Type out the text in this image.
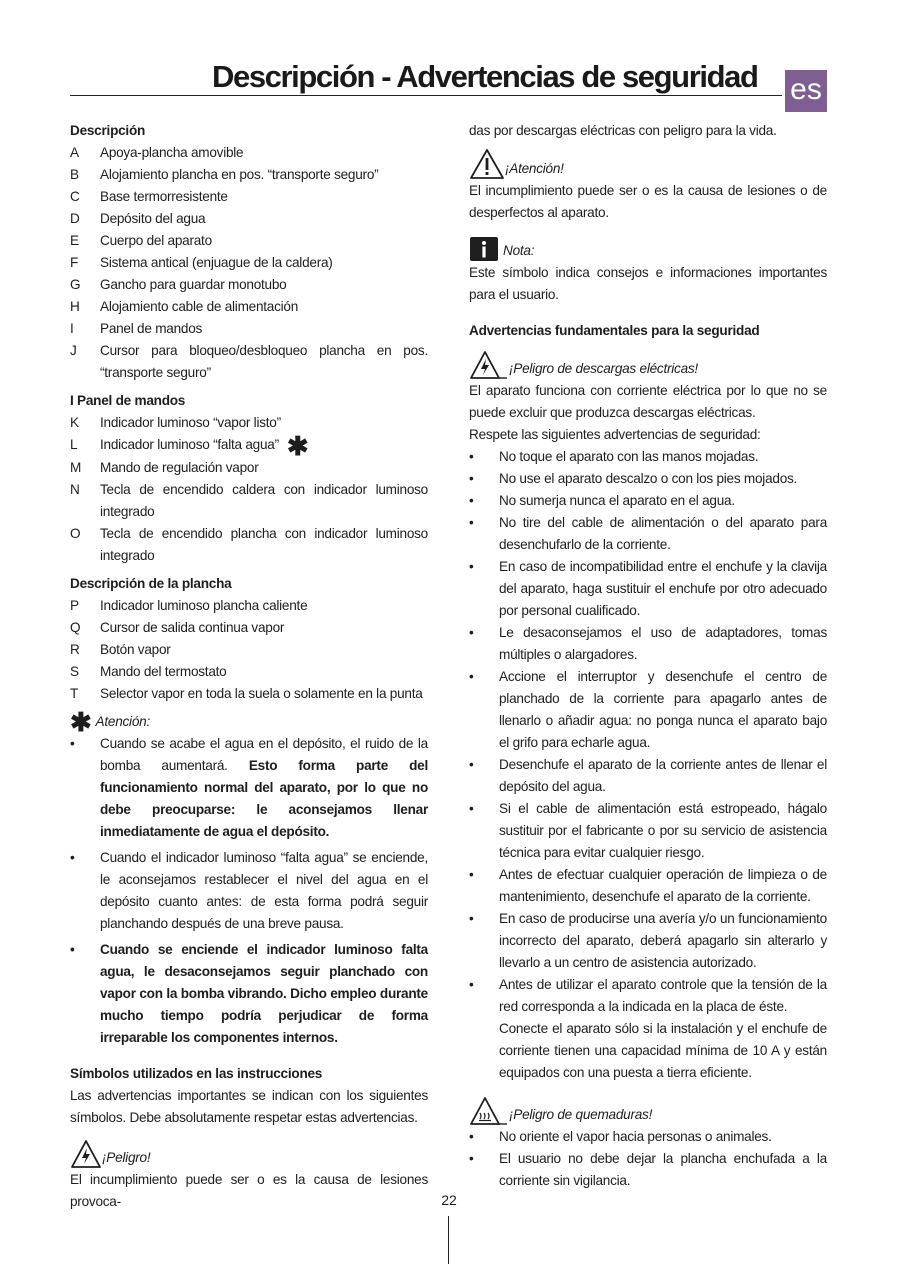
Descripción - Advertencias de seguridad	es

Descripción

A	Apoya-plancha amovible
B	Alojamiento plancha en pos. “transporte seguro”
C	Base termorresistente
D	Depósito del agua
E	Cuerpo del aparato
F	Sistema antical (enjuague de la caldera)
G	Gancho para guardar monotubo
H	Alojamiento cable de alimentación
I	Panel de mandos
J	Cursor para bloqueo/desbloqueo plancha en pos. “transporte seguro”

I Panel de mandos

K	Indicador luminoso “vapor listo”
L	Indicador luminoso “falta agua” ✱
M	Mando de regulación vapor
N	Tecla de encendido caldera con indicador luminoso integrado
O	Tecla de encendido plancha con indicador luminoso integrado

Descripción de la plancha

P	Indicador luminoso plancha caliente
Q	Cursor de salida continua vapor
R	Botón vapor
S	Mando del termostato
T	Selector vapor en toda la suela o solamente en la punta
✱ Atención:
•	Cuando se acabe el agua en el depósito, el ruido de la bomba aumentará. Esto forma parte del funcionamiento normal del aparato, por lo que no debe preocuparse: le aconsejamos llenar inmediatamente de agua el depósito.
•	Cuando el indicador luminoso “falta agua” se enciende, le aconsejamos restablecer el nivel del agua en el depósito cuanto antes: de esta forma podrá seguir planchando después de una breve pausa.
•	Cuando se enciende el indicador luminoso falta agua, le desaconsejamos seguir planchado con vapor con la bomba vibrando. Dicho empleo durante mucho tiempo podría perjudicar de forma irreparable los componentes internos.

Símbolos utilizados en las instrucciones

Las advertencias importantes se indican con los siguientes símbolos. Debe absolutamente respetar estas advertencias.

¡Peligro!

El incumplimiento puede ser o es la causa de lesiones provoca-

das por descargas eléctricas con peligro para la vida.

¡Atención!

El incumplimiento puede ser o es la causa de lesiones o de desperfectos al aparato.

Nota:

Este símbolo indica consejos e informaciones importantes para el usuario.

Advertencias fundamentales para la seguridad

¡Peligro de descargas eléctricas!

El aparato funciona con corriente eléctrica por lo que no se puede excluir que produzca descargas eléctricas.

Respete las siguientes advertencias de seguridad:

•	No toque el aparato con las manos mojadas.
•	No use el aparato descalzo o con los pies mojados.
•	No sumerja nunca el aparato en el agua.
•	No tire del cable de alimentación o del aparato para desenchufarlo de la corriente.
•	En caso de incompatibilidad entre el enchufe y la clavija del aparato, haga sustituir el enchufe por otro adecuado por personal cualificado.
•	Le desaconsejamos el uso de adaptadores, tomas múltiples o alargadores.
•	Accione el interruptor y desenchufe el centro de planchado de la corriente para apagarlo antes de llenarlo o añadir agua: no ponga nunca el aparato bajo el grifo para echarle agua.
•	Desenchufe el aparato de la corriente antes de llenar el depósito del agua.
•	Si el cable de alimentación está estropeado, hágalo sustituir por el fabricante o por su servicio de asistencia técnica para evitar cualquier riesgo.
•	Antes de efectuar cualquier operación de limpieza o de mantenimiento, desenchufe el aparato de la corriente.
•	En caso de producirse una avería y/o un funcionamiento incorrecto del aparato, deberá apagarlo sin alterarlo y llevarlo a un centro de asistencia autorizado.
•	Antes de utilizar el aparato controle que la tensión de la red corresponda a la indicada en la placa de éste.
Conecte el aparato sólo si la instalación y el enchufe de corriente tienen una capacidad mínima de 10 A y están equipados con una puesta a tierra eficiente.
¡Peligro de quemaduras!
•	No oriente el vapor hacia personas o animales.
•	El usuario no debe dejar la plancha enchufada a la corriente sin vigilancia.
22
